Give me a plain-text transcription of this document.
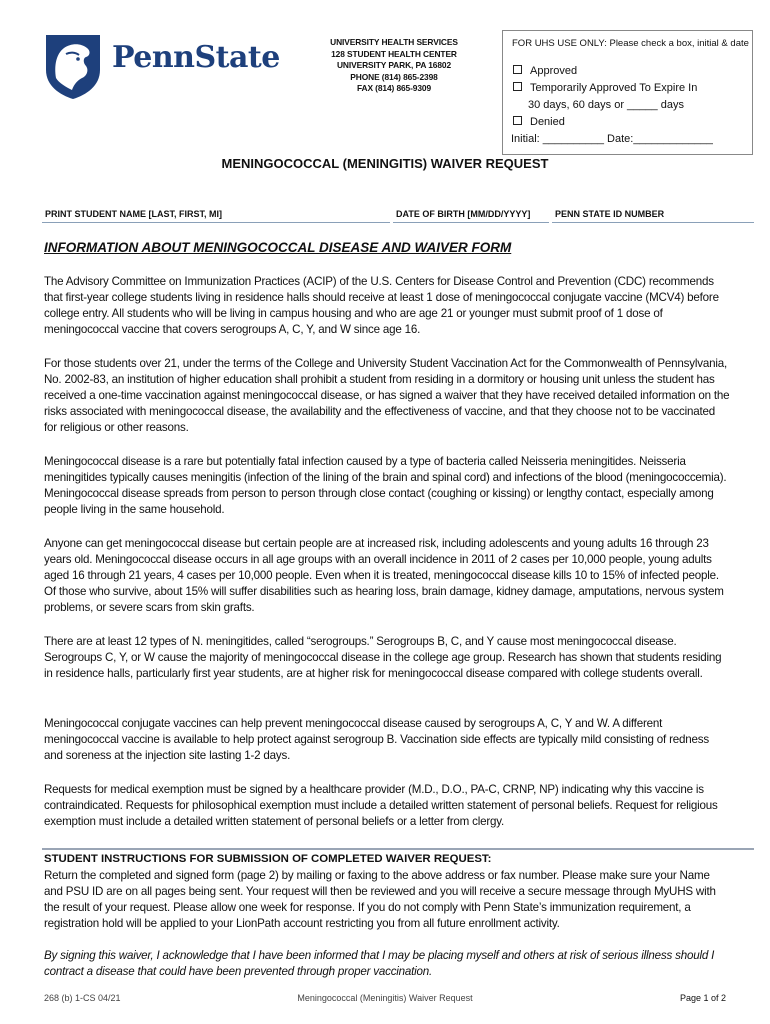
PennState	UNIVERSITY HEALTH SERVICES
128 STUDENT HEALTH CENTER
UNIVERSITY PARK, PA 16802
PHONE (814) 865-2398
FAX (814) 865-9309
FOR UHS USE ONLY: Please check a box, initial & date
Approved
Temporarily Approved To Expire In
30 days, 60 days or _____ days
Denied
Initial: __________ Date:_____________
MENINGOCOCCAL (MENINGITIS) WAIVER REQUEST
PRINT STUDENT NAME [LAST, FIRST, MI]	DATE OF BIRTH [MM/DD/YYYY]	PENN STATE ID NUMBER
INFORMATION ABOUT MENINGOCOCCAL DISEASE AND WAIVER FORM
The Advisory Committee on Immunization Practices (ACIP) of the U.S. Centers for Disease Control and Prevention (CDC) recommends that first-year college students living in residence halls should receive at least 1 dose of meningococcal conjugate vaccine (MCV4) before college entry. All students who will be living in campus housing and who are age 21 or younger must submit proof of 1 dose of meningococcal vaccine that covers serogroups A, C, Y, and W since age 16.
For those students over 21, under the terms of the College and University Student Vaccination Act for the Commonwealth of Pennsylvania, No. 2002-83, an institution of higher education shall prohibit a student from residing in a dormitory or housing unit unless the student has received a one-time vaccination against meningococcal disease, or has signed a waiver that they have received detailed information on the risks associated with meningococcal disease, the availability and the effectiveness of vaccine, and that they choose not to be vaccinated for religious or other reasons.
Meningococcal disease is a rare but potentially fatal infection caused by a type of bacteria called Neisseria meningitides. Neisseria meningitides typically causes meningitis (infection of the lining of the brain and spinal cord) and infections of the blood (meningococcemia). Meningococcal disease spreads from person to person through close contact (coughing or kissing) or lengthy contact, especially among people living in the same household.
Anyone can get meningococcal disease but certain people are at increased risk, including adolescents and young adults 16 through 23 years old. Meningococcal disease occurs in all age groups with an overall incidence in 2011 of 2 cases per 10,000 people, young adults aged 16 through 21 years, 4 cases per 10,000 people. Even when it is treated, meningococcal disease kills 10 to 15% of infected people. Of those who survive, about 15% will suffer disabilities such as hearing loss, brain damage, kidney damage, amputations, nervous system problems, or severe scars from skin grafts.
There are at least 12 types of N. meningitides, called “serogroups.” Serogroups B, C, and Y cause most meningococcal disease. Serogroups C, Y, or W cause the majority of meningococcal disease in the college age group. Research has shown that students residing in residence halls, particularly first year students, are at higher risk for meningococcal disease compared with college students overall.
Meningococcal conjugate vaccines can help prevent meningococcal disease caused by serogroups A, C, Y and W. A different meningococcal vaccine is available to help protect against serogroup B. Vaccination side effects are typically mild consisting of redness and soreness at the injection site lasting 1-2 days.
Requests for medical exemption must be signed by a healthcare provider (M.D., D.O., PA-C, CRNP, NP) indicating why this vaccine is contraindicated. Requests for philosophical exemption must include a detailed written statement of personal beliefs. Request for religious exemption must include a detailed written statement of personal beliefs or a letter from clergy.
STUDENT INSTRUCTIONS FOR SUBMISSION OF COMPLETED WAIVER REQUEST:
Return the completed and signed form (page 2) by mailing or faxing to the above address or fax number. Please make sure your Name and PSU ID are on all pages being sent. Your request will then be reviewed and you will receive a secure message through MyUHS with the result of your request. Please allow one week for response. If you do not comply with Penn State’s immunization requirement, a registration hold will be applied to your LionPath account restricting you from all future enrollment activity.
By signing this waiver, I acknowledge that I have been informed that I may be placing myself and others at risk of serious illness should I contract a disease that could have been prevented through proper vaccination.
268 (b) 1-CS 04/21	Meningococcal (Meningitis) Waiver Request	Page 1 of 2
